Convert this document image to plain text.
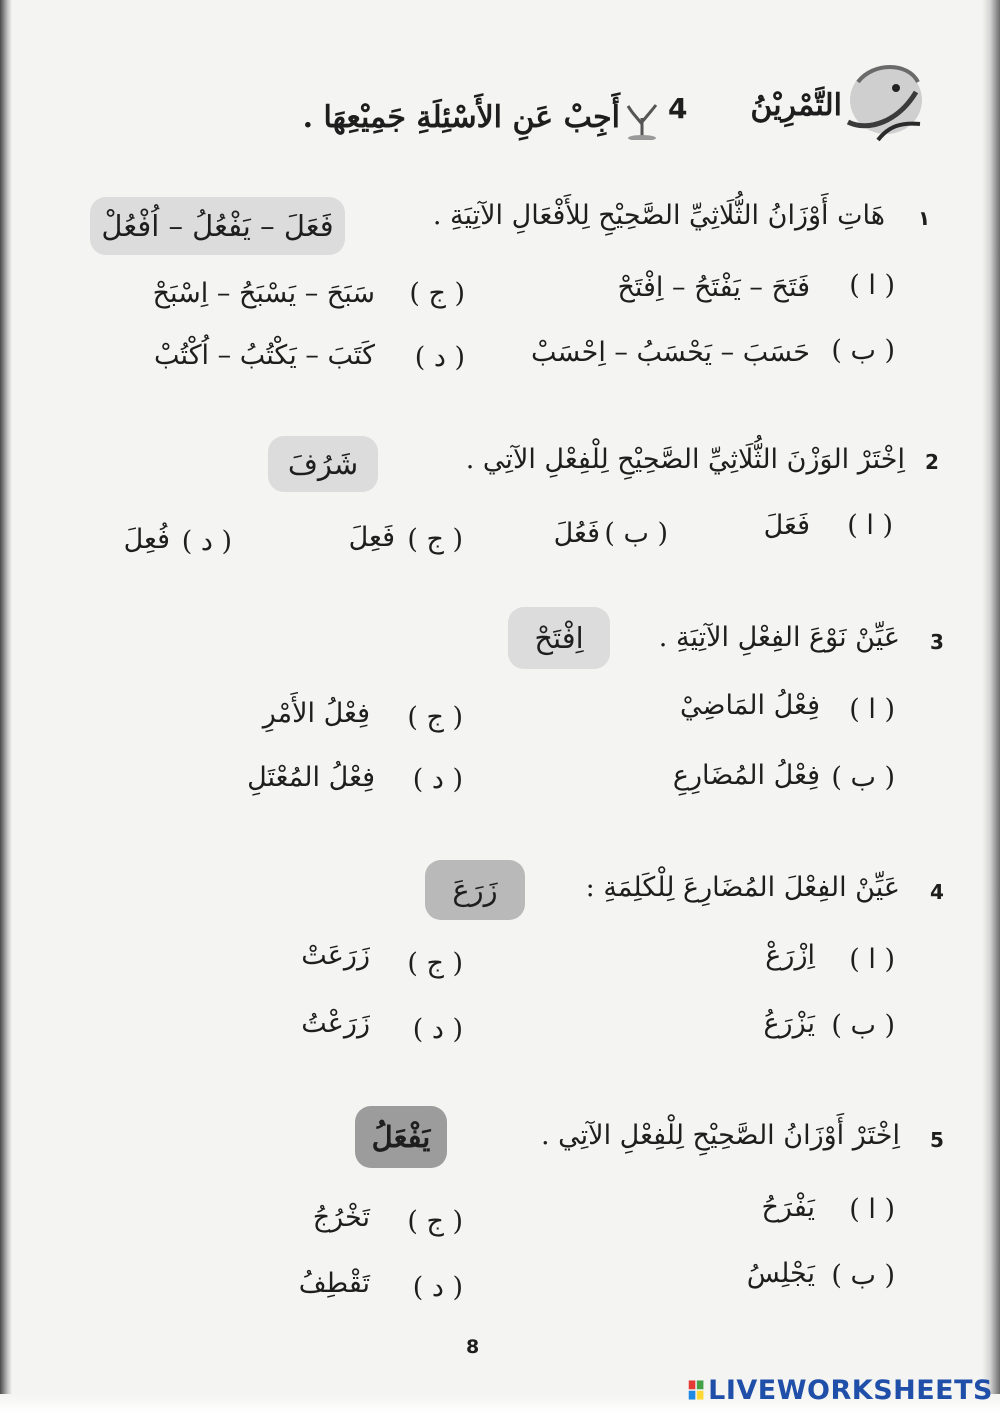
التَّمْرِيْنُ
4
أَجِبْ عَنِ الأَسْئِلَةِ جَمِيْعِهَا .
١
هَاتِ أَوْزَانُ الثُّلَاثِيِّ الصَّحِيْحِ لِلأَفْعَالِ الآتِيَةِ .
فَعَلَ – يَفْعُلُ – اُفْعُلْ
( ا )
فَتَحَ – يَفْتَحُ – اِفْتَحْ
( ج )
سَبَحَ – يَسْبَحُ – اِسْبَحْ
( ب )
حَسَبَ – يَحْسَبُ – اِحْسَبْ
( د )
كَتَبَ – يَكْتُبُ – اُكْتُبْ
2
اِخْتَرْ الوَزْنَ الثُّلَاثِيِّ الصَّحِيْحِ لِلْفِعْلِ الآتِي .
شَرُفَ
( ا )
فَعَلَ
( ب )
فَعُلَ
( ج )
فَعِلَ
( د )
فُعِلَ
3
عَيِّنْ نَوْعَ الفِعْلِ الآتِيَةِ .
اِفْتَحْ
( ا )
فِعْلُ المَاضِيْ
( ج )
فِعْلُ الأَمْرِ
( ب )
فِعْلُ المُضَارِعِ
( د )
فِعْلُ المُعْتَلِ
4
عَيِّنْ الفِعْلَ المُضَارِعَ لِلْكَلِمَةِ :
زَرَعَ
( ا )
اِزْرَعْ
( ج )
زَرَعَتْ
( ب )
يَزْرَعُ
( د )
زَرَعْتُ
5
اِخْتَرْ أَوْزَانُ الصَّحِيْحِ لِلْفِعْلِ الآتِي .
يَفْعَلُ
( ا )
يَفْرَحُ
( ج )
تَخْرُجُ
( ب )
يَجْلِسُ
( د )
تَقْطِفُ
8
LIVEWORKSHEETS
